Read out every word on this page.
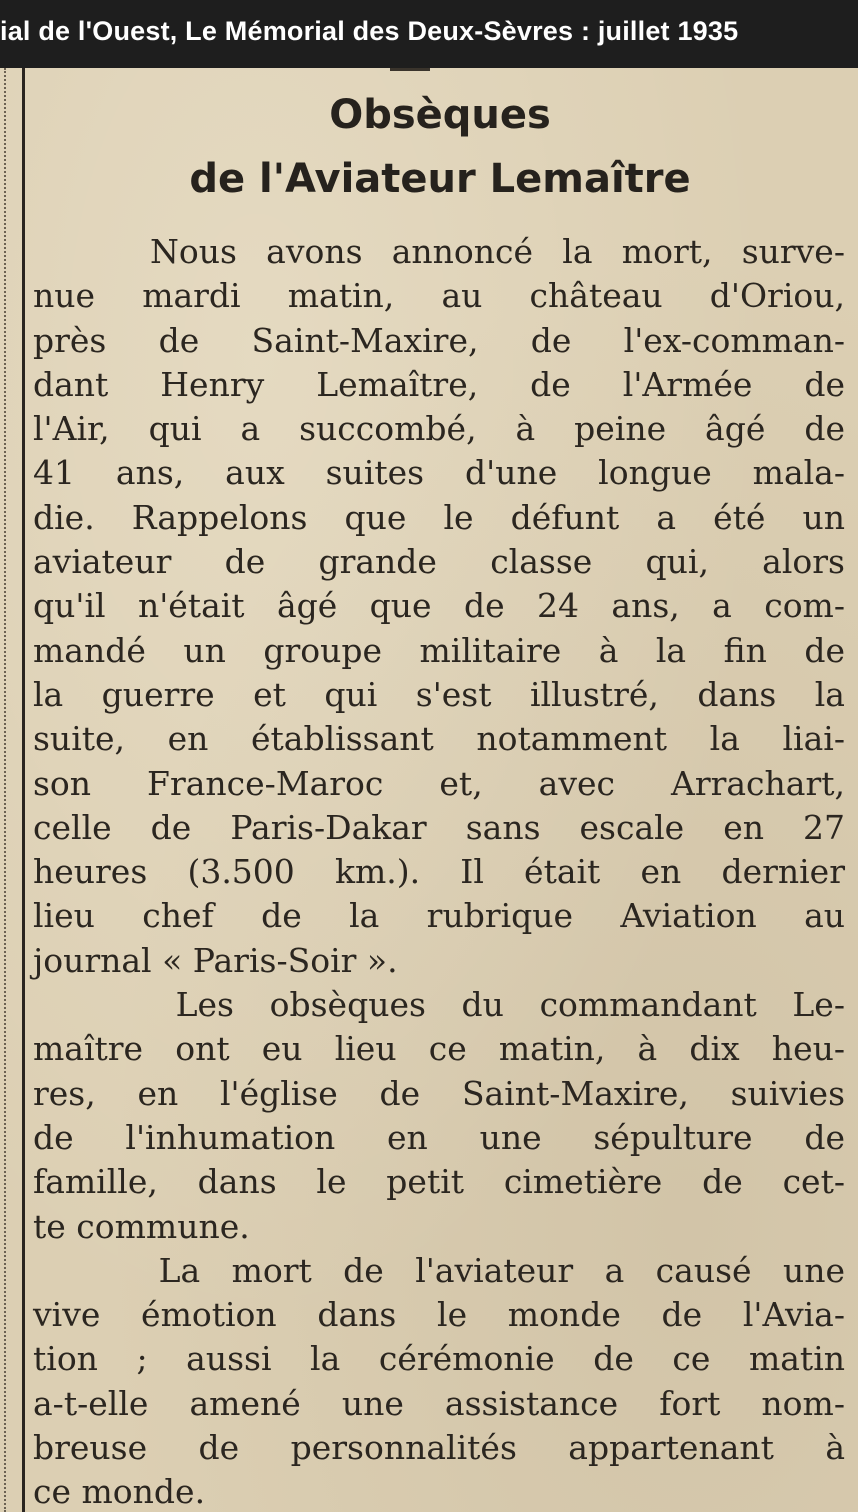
ial de l'Ouest, Le Mémorial des Deux-Sèvres : juillet 1935
Obsèques
de l'Aviateur Lemaître
Nous avons annoncé la mort, surve-
nue mardi matin, au château d'Oriou,
près de Saint-Maxire, de l'ex-comman-
dant Henry Lemaître, de l'Armée de
l'Air, qui a succombé, à peine âgé de
41 ans, aux suites d'une longue mala-
die. Rappelons que le défunt a été un
aviateur de grande classe qui, alors
qu'il n'était âgé que de 24 ans, a com-
mandé un groupe militaire à la fin de
la guerre et qui s'est illustré, dans la
suite, en établissant notamment la liai-
son France-Maroc et, avec Arrachart,
celle de Paris-Dakar sans escale en 27
heures (3.500 km.). Il était en dernier
lieu chef de la rubrique Aviation au
journal « Paris-Soir ».
Les obsèques du commandant Le-
maître ont eu lieu ce matin, à dix heu-
res, en l'église de Saint-Maxire, suivies
de l'inhumation en une sépulture de
famille, dans le petit cimetière de cet-
te commune.
La mort de l'aviateur a causé une
vive émotion dans le monde de l'Avia-
tion ; aussi la cérémonie de ce matin
a-t-elle amené une assistance fort nom-
breuse de personnalités appartenant à
ce monde.
